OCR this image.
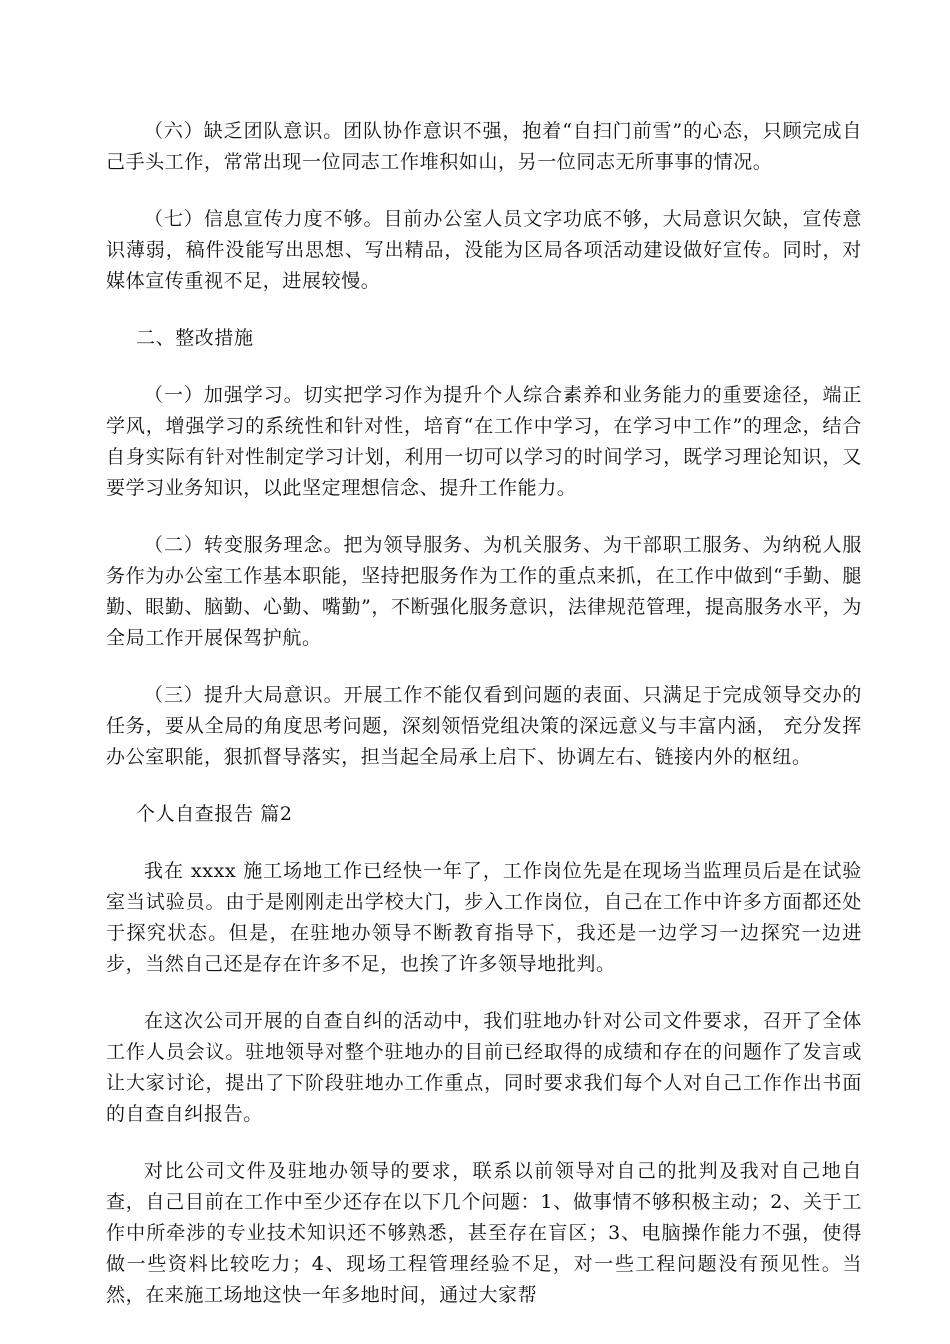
（六）缺乏团队意识。团队协作意识不强，抱着“自扫门前雪”的心态，只顾完成自己手头工作，常常出现一位同志工作堆积如山，另一位同志无所事事的情况。

（七）信息宣传力度不够。目前办公室人员文字功底不够，大局意识欠缺，宣传意识薄弱，稿件没能写出思想、写出精品，没能为区局各项活动建设做好宣传。同时，对媒体宣传重视不足，进展较慢。

二、整改措施

（一）加强学习。切实把学习作为提升个人综合素养和业务能力的重要途径，端正学风，增强学习的系统性和针对性，培育“在工作中学习，在学习中工作”的理念，结合自身实际有针对性制定学习计划，利用一切可以学习的时间学习，既学习理论知识，又要学习业务知识，以此坚定理想信念、提升工作能力。

（二）转变服务理念。把为领导服务、为机关服务、为干部职工服务、为纳税人服务作为办公室工作基本职能，坚持把服务作为工作的重点来抓，在工作中做到“手勤、腿勤、眼勤、脑勤、心勤、嘴勤”，不断强化服务意识，法律规范管理，提高服务水平，为全局工作开展保驾护航。

（三）提升大局意识。开展工作不能仅看到问题的表面、只满足于完成领导交办的任务，要从全局的角度思考问题，深刻领悟党组决策的深远意义与丰富内涵， 充分发挥办公室职能，狠抓督导落实，担当起全局承上启下、协调左右、链接内外的枢纽。

个人自查报告 篇2

我在 xxxx 施工场地工作已经快一年了，工作岗位先是在现场当监理员后是在试验室当试验员。由于是刚刚走出学校大门，步入工作岗位，自己在工作中许多方面都还处于探究状态。但是，在驻地办领导不断教育指导下，我还是一边学习一边探究一边进步，当然自己还是存在许多不足，也挨了许多领导地批判。

在这次公司开展的自查自纠的活动中，我们驻地办针对公司文件要求，召开了全体工作人员会议。驻地领导对整个驻地办的目前已经取得的成绩和存在的问题作了发言或让大家讨论，提出了下阶段驻地办工作重点，同时要求我们每个人对自己工作作出书面的自查自纠报告。

对比公司文件及驻地办领导的要求，联系以前领导对自己的批判及我对自己地自查，自己目前在工作中至少还存在以下几个问题：1、做事情不够积极主动；2、关于工作中所牵涉的专业技术知识还不够熟悉，甚至存在盲区；3、电脑操作能力不强，使得做一些资料比较吃力；4、现场工程管理经验不足，对一些工程问题没有预见性。当然，在来施工场地这快一年多地时间，通过大家帮
